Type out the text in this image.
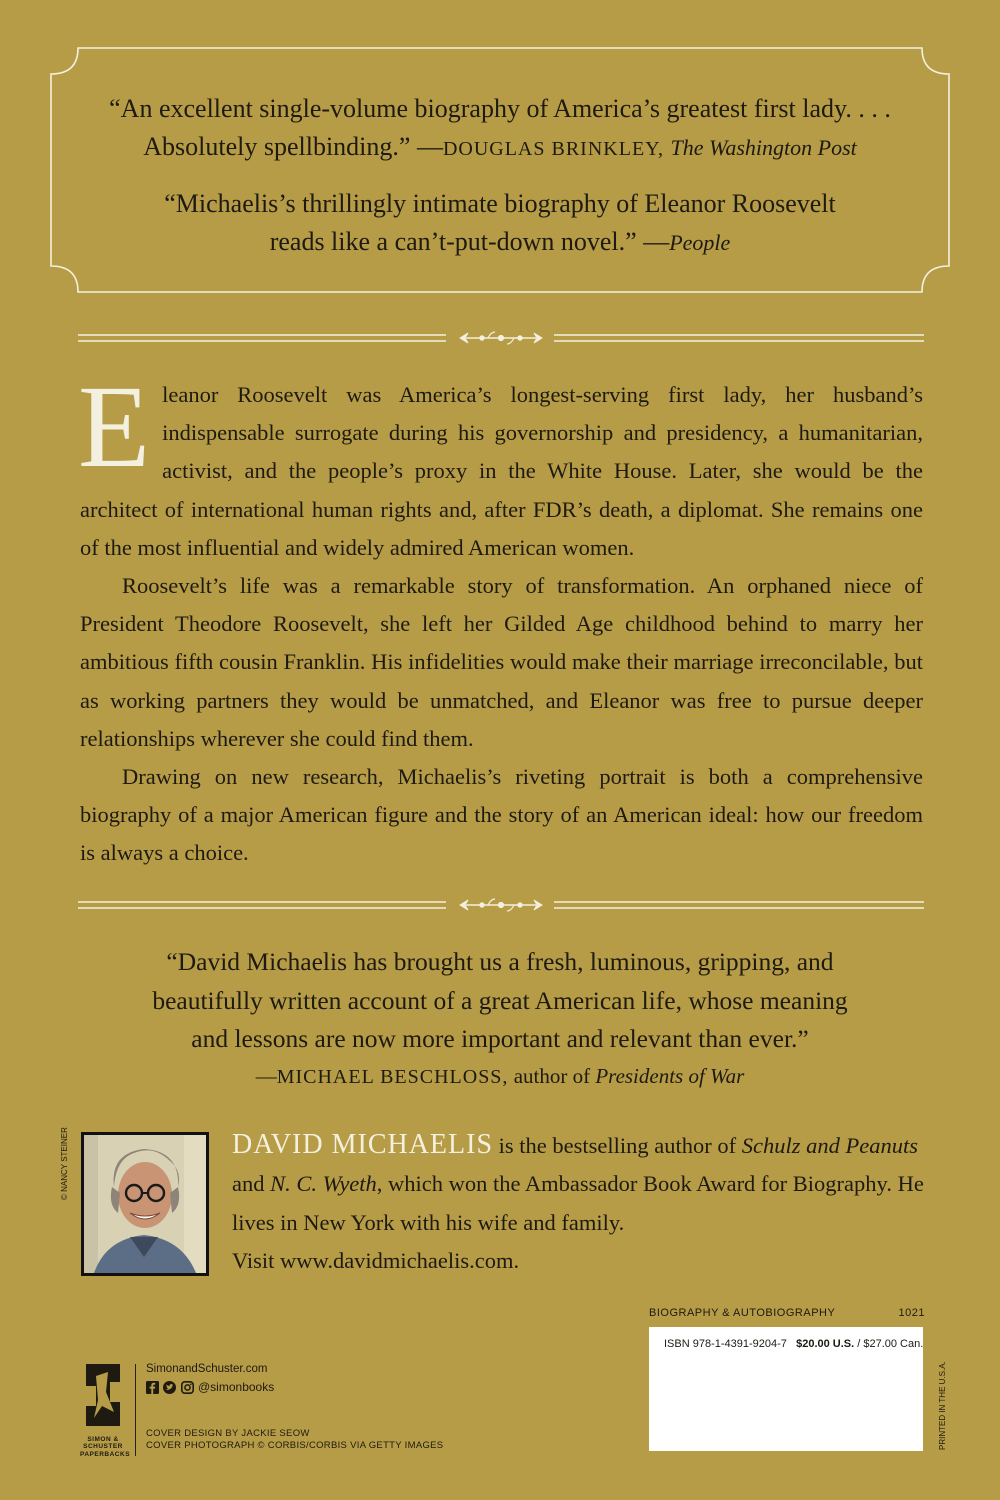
“An excellent single-volume biography of America’s greatest first lady. . . .
Absolutely spellbinding.” —DOUGLAS BRINKLEY, The Washington Post
“Michaelis’s thrillingly intimate biography of Eleanor Roosevelt
reads like a can’t-put-down novel.” —People

Eleanor Roosevelt was America’s longest-serving first lady, her husband’s indispensable surrogate during his governorship and presidency, a humanitarian, activist, and the people’s proxy in the White House. Later, she would be the architect of international human rights and, after FDR’s death, a diplomat. She remains one of the most influential and widely admired American women.

Roosevelt’s life was a remarkable story of transformation. An orphaned niece of President Theodore Roosevelt, she left her Gilded Age childhood behind to marry her ambitious fifth cousin Franklin. His infidelities would make their marriage irreconcilable, but as working partners they would be unmatched, and Eleanor was free to pursue deeper relationships wherever she could find them.

Drawing on new research, Michaelis’s riveting portrait is both a comprehensive biography of a major American figure and the story of an American ideal: how our freedom is always a choice.

“David Michaelis has brought us a fresh, luminous, gripping, and
beautifully written account of a great American life, whose meaning
and lessons are now more important and relevant than ever.”
—MICHAEL BESCHLOSS, author of Presidents of War
© NANCY STEINER	DAVID MICHAELIS is the bestselling author of Schulz and Peanuts and N. C. Wyeth, which won the Ambassador Book Award for Biography. He lives in New York with his wife and family.
Visit www.davidmichaelis.com.
BIOGRAPHY & AUTOBIOGRAPHY	1021
ISBN 978-1-4391-9204-7 $20.00 U.S. / $27.00 Can.
PRINTED IN THE U.S.A.
SIMON &
SCHUSTER
PAPERBACKS
SimonandSchuster.com
@simonbooks
COVER DESIGN BY JACKIE SEOW
COVER PHOTOGRAPH © CORBIS/CORBIS VIA GETTY IMAGES
